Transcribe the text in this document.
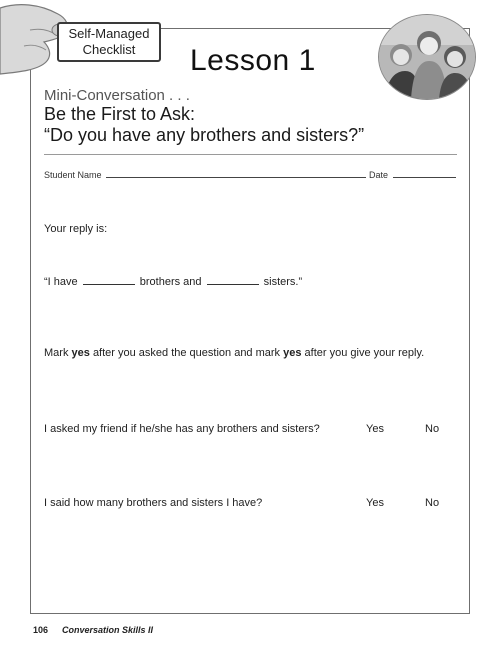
Self-Managed
Checklist	Lesson 1
Mini-Conversation . . .
Be the First to Ask:
“Do you have any brothers and sisters?”
Student Name	Date
Your reply is:
“I have	brothers and	sisters.”
Mark yes after you asked the question and mark yes after you give your reply.
I asked my friend if he/she has any brothers and sisters?	Yes	No
I said how many brothers and sisters I have?	Yes	No
106 Conversation Skills II
